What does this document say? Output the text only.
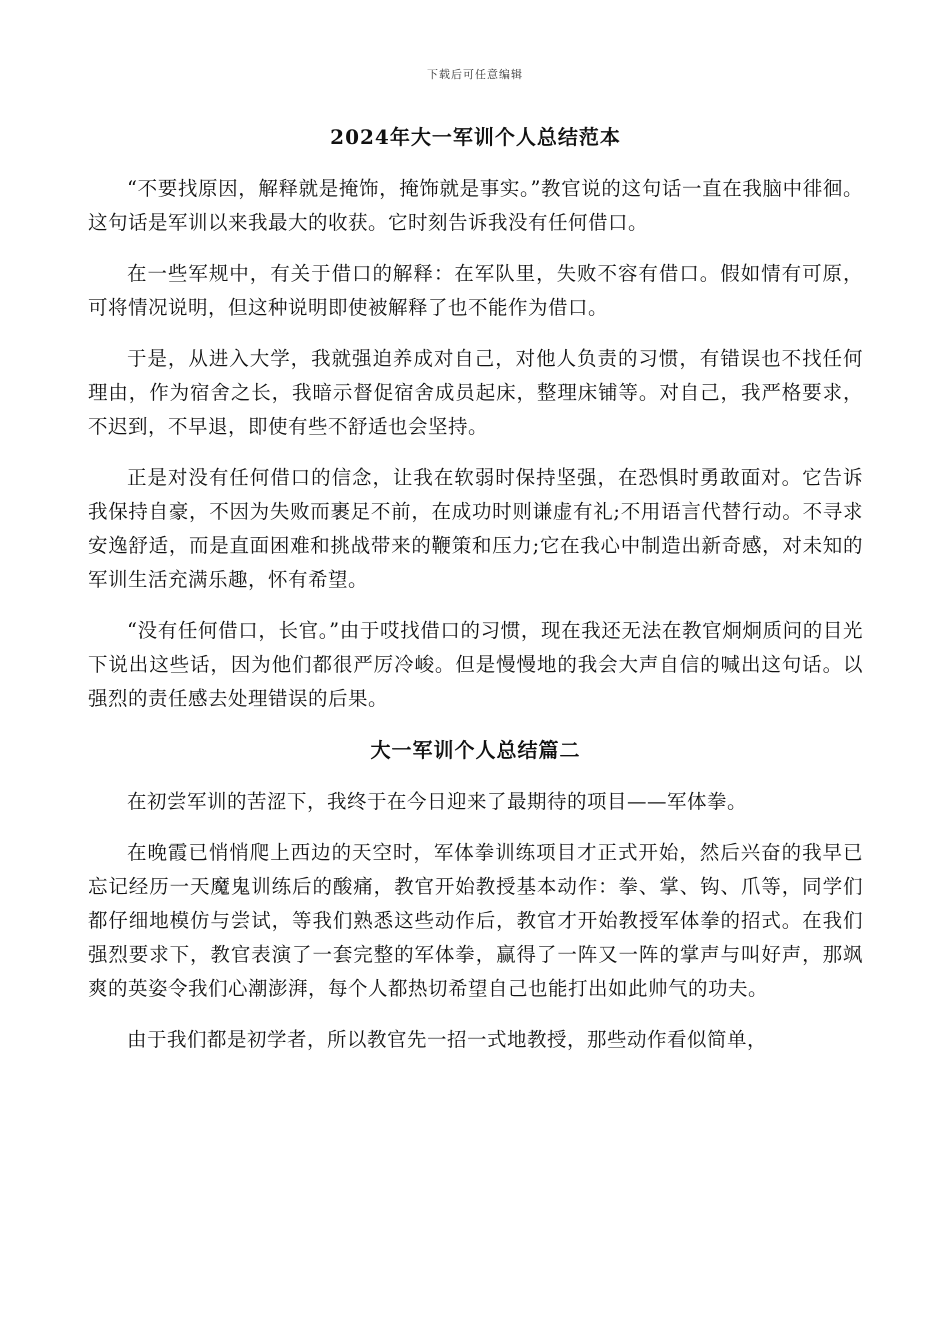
下载后可任意编辑
2024年大一军训个人总结范本

“不要找原因，解释就是掩饰，掩饰就是事实。”教官说的这句话一直在我脑中徘徊。这句话是军训以来我最大的收获。它时刻告诉我没有任何借口。

在一些军规中，有关于借口的解释：在军队里，失败不容有借口。假如情有可原，可将情况说明，但这种说明即使被解释了也不能作为借口。

于是，从进入大学，我就强迫养成对自己，对他人负责的习惯，有错误也不找任何理由，作为宿舍之长，我暗示督促宿舍成员起床，整理床铺等。对自己，我严格要求，不迟到，不早退，即使有些不舒适也会坚持。

正是对没有任何借口的信念，让我在软弱时保持坚强，在恐惧时勇敢面对。它告诉我保持自豪，不因为失败而裹足不前，在成功时则谦虚有礼;不用语言代替行动。不寻求安逸舒适，而是直面困难和挑战带来的鞭策和压力;它在我心中制造出新奇感，对未知的军训生活充满乐趣，怀有希望。

“没有任何借口，长官。”由于哎找借口的习惯，现在我还无法在教官炯炯质问的目光下说出这些话，因为他们都很严厉冷峻。但是慢慢地的我会大声自信的喊出这句话。以强烈的责任感去处理错误的后果。

大一军训个人总结篇二

在初尝军训的苦涩下，我终于在今日迎来了最期待的项目——军体拳。

在晚霞已悄悄爬上西边的天空时，军体拳训练项目才正式开始，然后兴奋的我早已忘记经历一天魔鬼训练后的酸痛，教官开始教授基本动作：拳、掌、钩、爪等，同学们都仔细地模仿与尝试，等我们熟悉这些动作后，教官才开始教授军体拳的招式。在我们强烈要求下，教官表演了一套完整的军体拳，赢得了一阵又一阵的掌声与叫好声，那飒爽的英姿令我们心潮澎湃，每个人都热切希望自己也能打出如此帅气的功夫。

由于我们都是初学者，所以教官先一招一式地教授，那些动作看似简单，
